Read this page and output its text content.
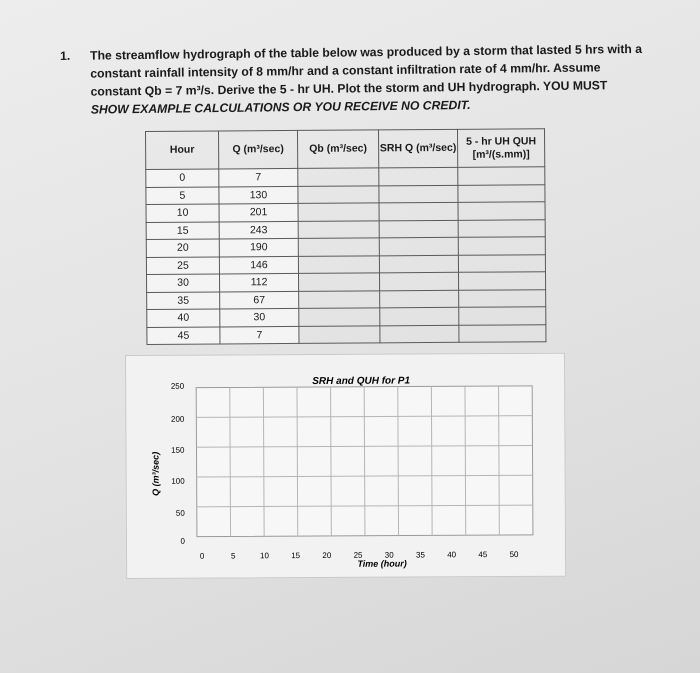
1. The streamflow hydrograph of the table below was produced by a storm that lasted 5 hrs with a
constant rainfall intensity of 8 mm/hr and a constant infiltration rate of 4 mm/hr. Assume
constant Qb = 7 m³/s. Derive the 5 - hr UH. Plot the storm and UH hydrograph. YOU MUST
SHOW EXAMPLE CALCULATIONS OR YOU RECEIVE NO CREDIT.
Hour	Q (m³/sec)	Qb (m³/sec)	SRH Q (m³/sec)	5 - hr UH QUH [m³/(s.mm)]
0	7			
5	130			
10	201			
15	243			
20	190			
25	146			
30	112			
35	67			
40	30			
45	7			
SRH and QUH for P1
250
200
150
100
50
0
0	5	10	15	20	25	30	35	40	45	50
Time (hour)
Q (m³/sec)
